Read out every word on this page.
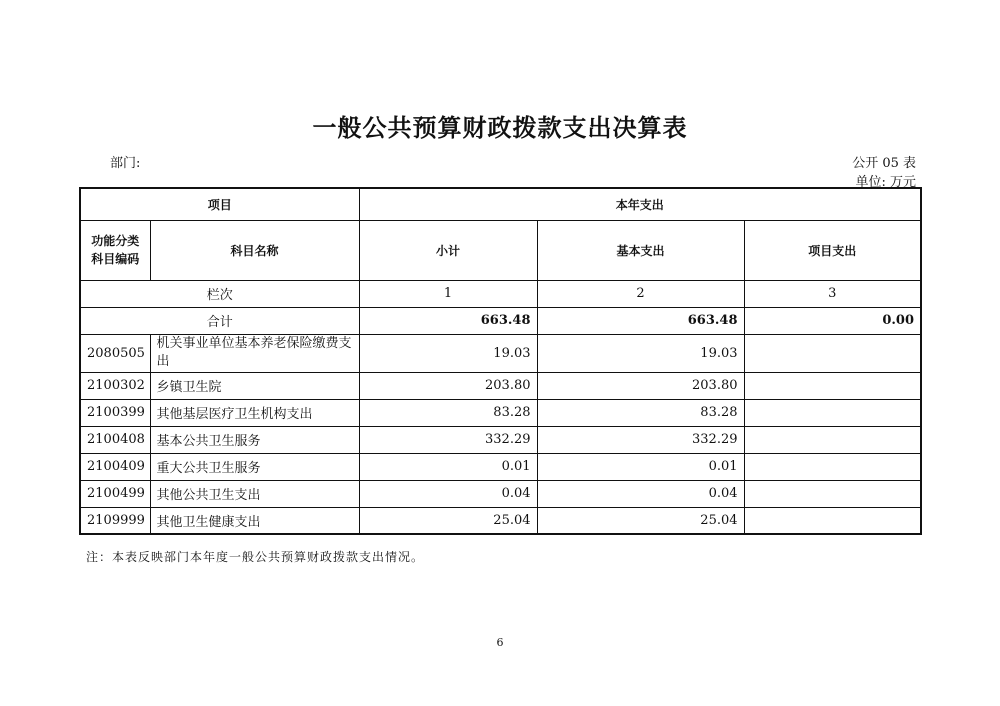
一般公共预算财政拨款支出决算表
部门:	公开 05 表
单位: 万元
项目		本年支出		

功能分类
科目编码	科目名称	小计	基本支出	项目支出
栏次		1	2	3
合计		663.48	663.48	0.00
2080505	机关事业单位基本养老保险缴费支出	19.03	19.03	
2100302	乡镇卫生院	203.80	203.80	
2100399	其他基层医疗卫生机构支出	83.28	83.28	
2100408	基本公共卫生服务	332.29	332.29	
2100409	重大公共卫生服务	0.01	0.01	
2100499	其他公共卫生支出	0.04	0.04	
2109999	其他卫生健康支出	25.04	25.04	
注：本表反映部门本年度一般公共预算财政拨款支出情况。
6
